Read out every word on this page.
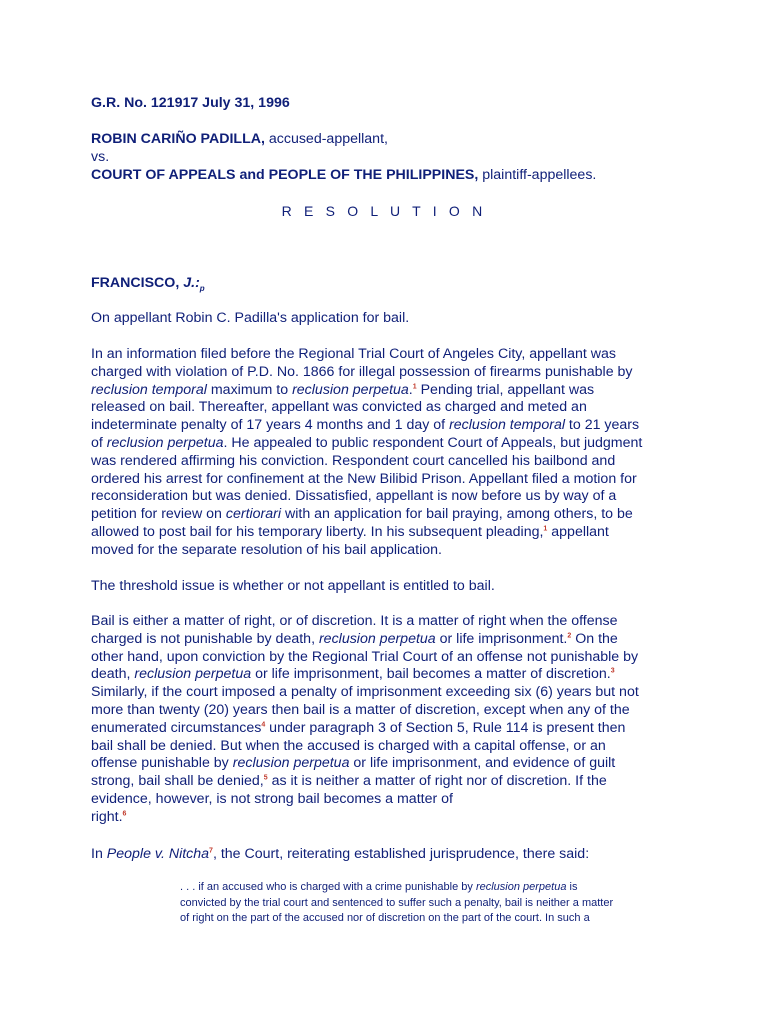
G.R. No. 121917 July 31, 1996
ROBIN CARIÑO PADILLA, accused-appellant,
vs.
COURT OF APPEALS and PEOPLE OF THE PHILIPPINES, plaintiff-appellees.
R E S O L U T I O N
FRANCISCO, $J.:_p$
On appellant Robin C. Padilla's application for bail.
In an information filed before the Regional Trial Court of Angeles City, appellant was
charged with violation of P.D. No. 1866 for illegal possession of firearms punishable by
reclusion temporal maximum to reclusion perpetua.$^1$ Pending trial, appellant was
released on bail. Thereafter, appellant was convicted as charged and meted an
indeterminate penalty of 17 years 4 months and 1 day of reclusion temporal to 21 years
of reclusion perpetua. He appealed to public respondent Court of Appeals, but judgment
was rendered affirming his conviction. Respondent court cancelled his bailbond and
ordered his arrest for confinement at the New Bilibid Prison. Appellant filed a motion for
reconsideration but was denied. Dissatisfied, appellant is now before us by way of a
petition for review on certiorari with an application for bail praying, among others, to be
allowed to post bail for his temporary liberty. In his subsequent pleading,$^1$ appellant
moved for the separate resolution of his bail application.
The threshold issue is whether or not appellant is entitled to bail.
Bail is either a matter of right, or of discretion. It is a matter of right when the offense
charged is not punishable by death, reclusion perpetua or life imprisonment.$^2$ On the
other hand, upon conviction by the Regional Trial Court of an offense not punishable by
death, reclusion perpetua or life imprisonment, bail becomes a matter of discretion.$^3$
Similarly, if the court imposed a penalty of imprisonment exceeding six (6) years but not
more than twenty (20) years then bail is a matter of discretion, except when any of the
enumerated circumstances$^4$ under paragraph 3 of Section 5, Rule 114 is present then
bail shall be denied. But when the accused is charged with a capital offense, or an
offense punishable by reclusion perpetua or life imprisonment, and evidence of guilt
strong, bail shall be denied,$^5$ as it is neither a matter of right nor of discretion. If the
evidence, however, is not strong bail becomes a matter of
right.$^6$
In People v. Nitcha$^7$, the Court, reiterating established jurisprudence, there said:
. . . if an accused who is charged with a crime punishable by reclusion perpetua is
convicted by the trial court and sentenced to suffer such a penalty, bail is neither a matter
of right on the part of the accused nor of discretion on the part of the court. In such a
